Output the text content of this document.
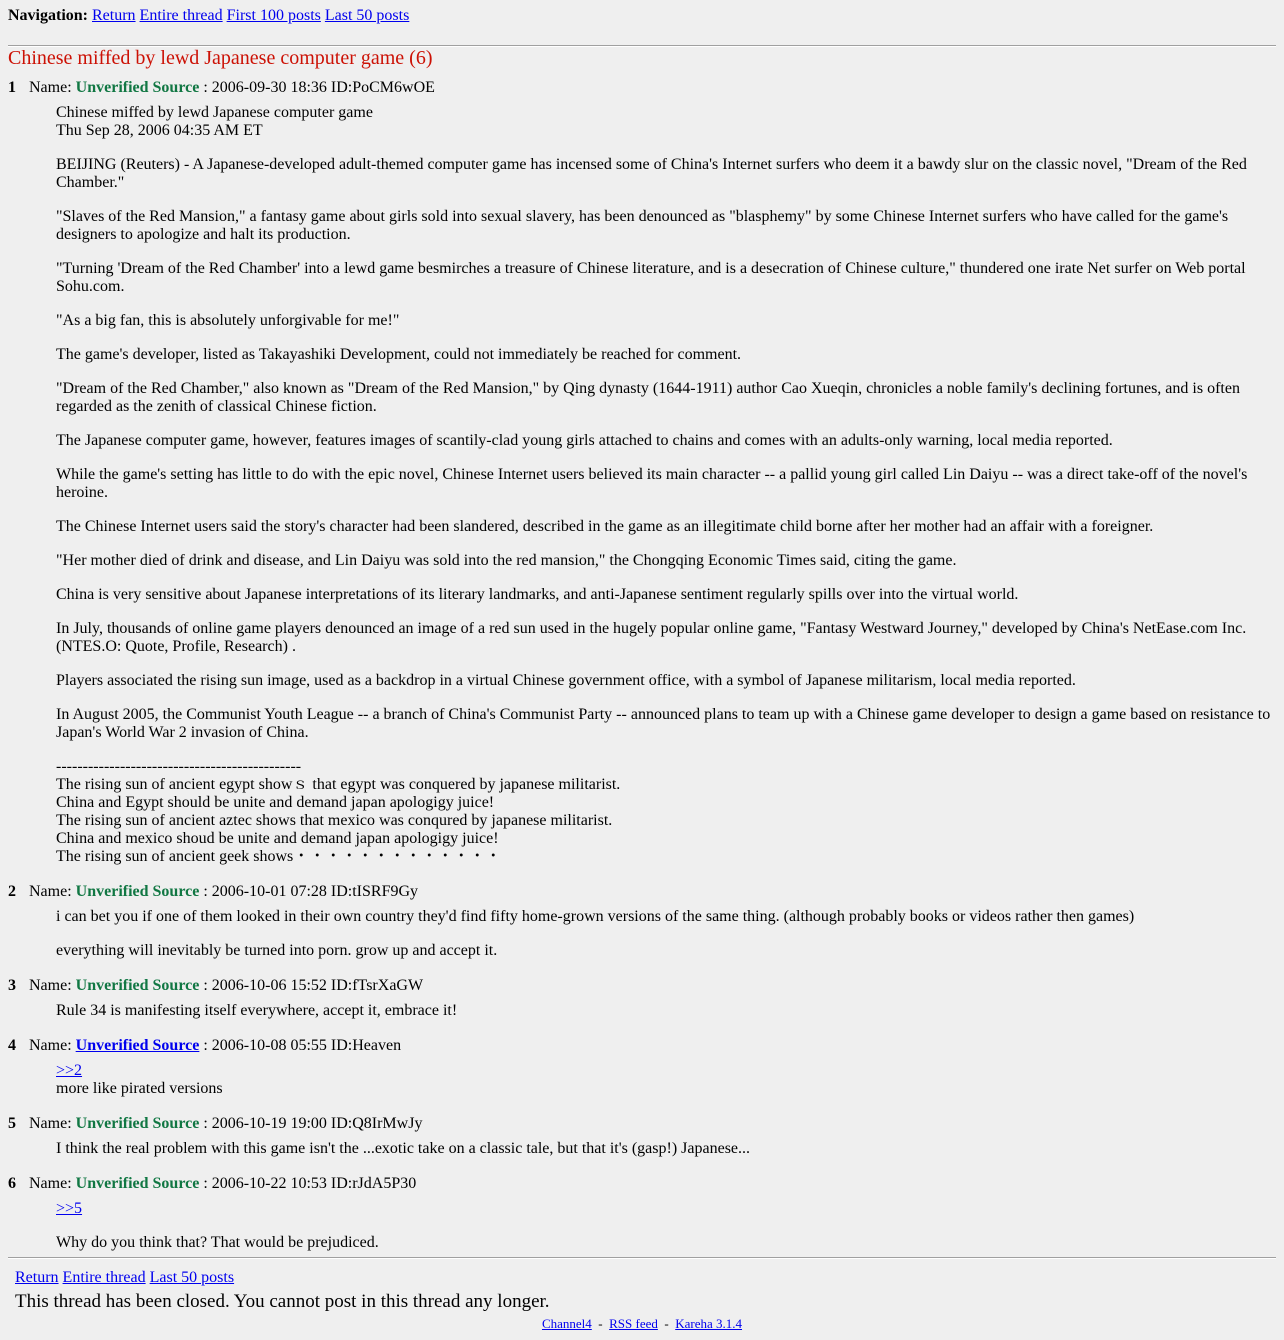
Navigation: Return Entire thread First 100 posts Last 50 posts
Chinese miffed by lewd Japanese computer game (6)
1 Name: Unverified Source : 2006-09-30 18:36 ID:PoCM6wOE

Chinese miffed by lewd Japanese computer game
Thu Sep 28, 2006 04:35 AM ET

BEIJING (Reuters) - A Japanese-developed adult-themed computer game has incensed some of China's Internet surfers who deem it a bawdy slur on the classic novel, "Dream of the Red Chamber."

"Slaves of the Red Mansion," a fantasy game about girls sold into sexual slavery, has been denounced as "blasphemy" by some Chinese Internet surfers who have called for the game's designers to apologize and halt its production.

"Turning 'Dream of the Red Chamber' into a lewd game besmirches a treasure of Chinese literature, and is a desecration of Chinese culture," thundered one irate Net surfer on Web portal Sohu.com.

"As a big fan, this is absolutely unforgivable for me!"

The game's developer, listed as Takayashiki Development, could not immediately be reached for comment.

"Dream of the Red Chamber," also known as "Dream of the Red Mansion," by Qing dynasty (1644-1911) author Cao Xueqin, chronicles a noble family's declining fortunes, and is often regarded as the zenith of classical Chinese fiction.

The Japanese computer game, however, features images of scantily-clad young girls attached to chains and comes with an adults-only warning, local media reported.

While the game's setting has little to do with the epic novel, Chinese Internet users believed its main character -- a pallid young girl called Lin Daiyu -- was a direct take-off of the novel's heroine.

The Chinese Internet users said the story's character had been slandered, described in the game as an illegitimate child borne after her mother had an affair with a foreigner.

"Her mother died of drink and disease, and Lin Daiyu was sold into the red mansion," the Chongqing Economic Times said, citing the game.

China is very sensitive about Japanese interpretations of its literary landmarks, and anti-Japanese sentiment regularly spills over into the virtual world.

In July, thousands of online game players denounced an image of a red sun used in the hugely popular online game, "Fantasy Westward Journey," developed by China's NetEase.com Inc. (NTES.O: Quote, Profile, Research) .

Players associated the rising sun image, used as a backdrop in a virtual Chinese government office, with a symbol of Japanese militarism, local media reported.

In August 2005, the Communist Youth League -- a branch of China's Communist Party -- announced plans to team up with a Chinese game developer to design a game based on resistance to Japan's World War 2 invasion of China.

----------------------------------------------
The rising sun of ancient egypt showｓ that egypt was conquered by japanese militarist.
China and Egypt should be unite and demand japan apologigy juice!
The rising sun of ancient aztec shows that mexico was conqured by japanese militarist.
China and mexico shoud be unite and demand japan apologigy juice!
The rising sun of ancient geek shows・・・・・・・・・・・・・

2 Name: Unverified Source : 2006-10-01 07:28 ID:tISRF9Gy

i can bet you if one of them looked in their own country they'd find fifty home-grown versions of the same thing. (although probably books or videos rather then games)

everything will inevitably be turned into porn. grow up and accept it.

3 Name: Unverified Source : 2006-10-06 15:52 ID:fTsrXaGW

Rule 34 is manifesting itself everywhere, accept it, embrace it!

4 Name: Unverified Source : 2006-10-08 05:55 ID:Heaven

>>2

more like pirated versions

5 Name: Unverified Source : 2006-10-19 19:00 ID:Q8IrMwJy

I think the real problem with this game isn't the ...exotic take on a classic tale, but that it's (gasp!) Japanese...

6 Name: Unverified Source : 2006-10-22 10:53 ID:rJdA5P30

>>5

Why do you think that? That would be prejudiced.

Return Entire thread Last 50 posts
This thread has been closed. You cannot post in this thread any longer.
Channel4 - RSS feed - Kareha 3.1.4
